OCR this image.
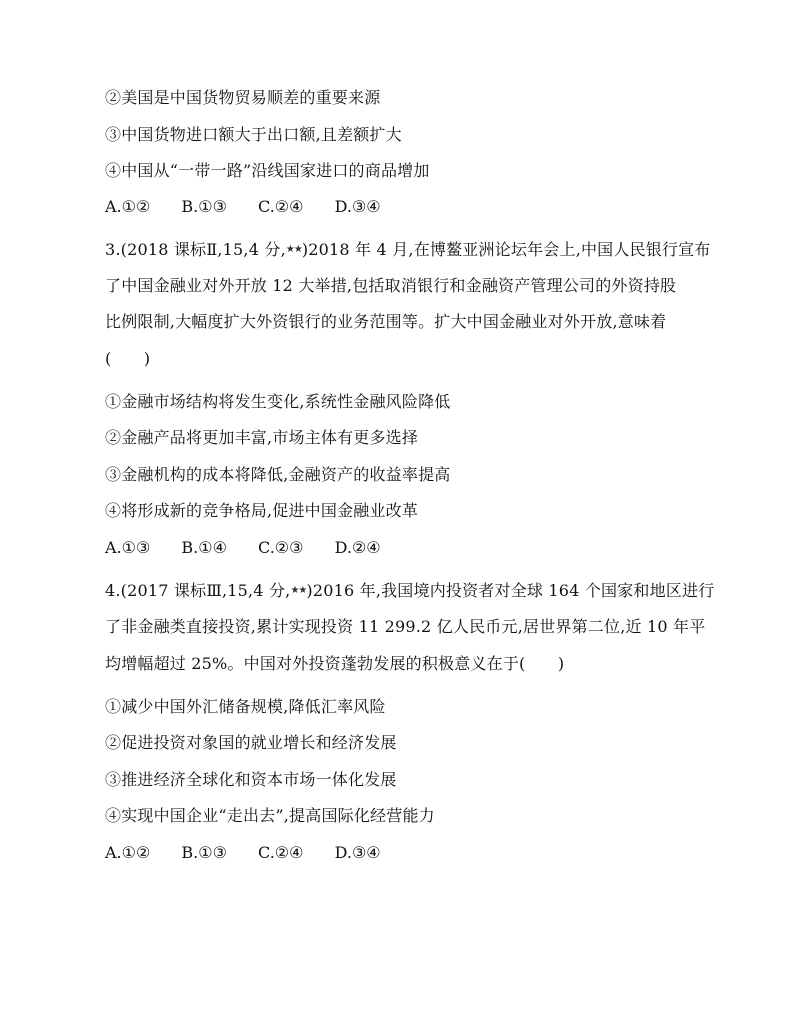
②美国是中国货物贸易顺差的重要来源
③中国货物进口额大于出口额,且差额扩大
④中国从“一带一路”沿线国家进口的商品增加
A.①② B.①③ C.②④ D.③④
3.(2018 课标Ⅱ,15,4 分,★★)2018 年 4 月,在博鳌亚洲论坛年会上,中国人民银行宣布
了中国金融业对外开放 12 大举措,包括取消银行和金融资产管理公司的外资持股
比例限制,大幅度扩大外资银行的业务范围等。扩大中国金融业对外开放,意味着
(　　)
①金融市场结构将发生变化,系统性金融风险降低
②金融产品将更加丰富,市场主体有更多选择
③金融机构的成本将降低,金融资产的收益率提高
④将形成新的竞争格局,促进中国金融业改革
A.①③ B.①④ C.②③ D.②④
4.(2017 课标Ⅲ,15,4 分,★★)2016 年,我国境内投资者对全球 164 个国家和地区进行
了非金融类直接投资,累计实现投资 11 299.2 亿人民币元,居世界第二位,近 10 年平
均增幅超过 25%。中国对外投资蓬勃发展的积极意义在于(　　)
①减少中国外汇储备规模,降低汇率风险
②促进投资对象国的就业增长和经济发展
③推进经济全球化和资本市场一体化发展
④实现中国企业“走出去”,提高国际化经营能力
A.①② B.①③ C.②④ D.③④
